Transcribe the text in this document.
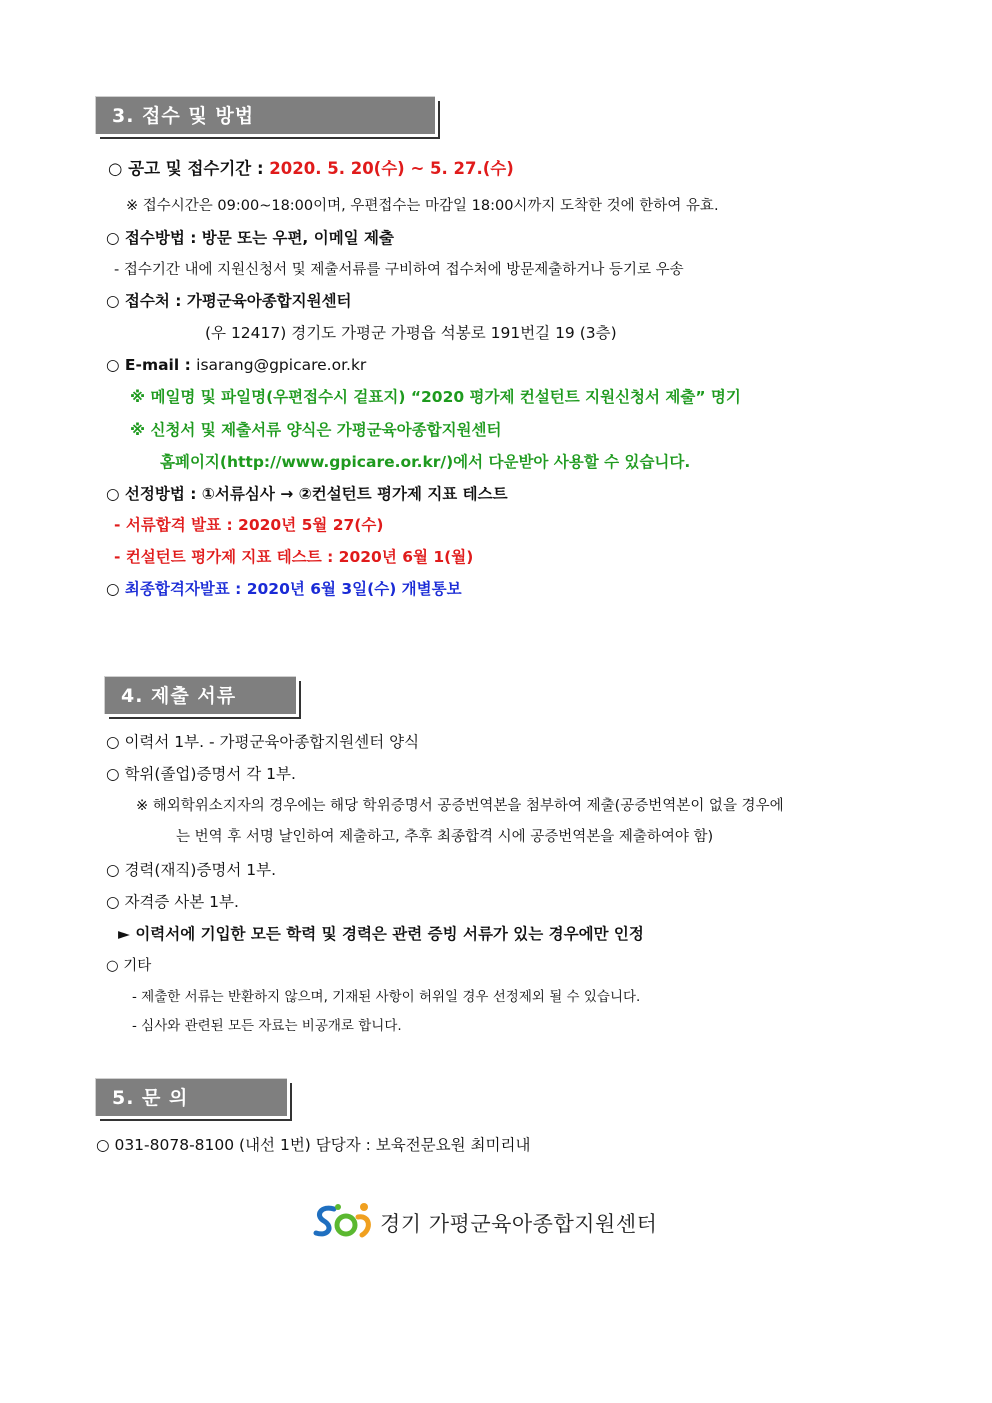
3. 접수 및 방법
○ 공고 및 접수기간 : 2020. 5. 20(수) ~ 5. 27.(수)
※ 접수시간은 09:00~18:00이며, 우편접수는 마감일 18:00시까지 도착한 것에 한하여 유효.
○ 접수방법 : 방문 또는 우편, 이메일 제출
- 접수기간 내에 지원신청서 및 제출서류를 구비하여 접수처에 방문제출하거나 등기로 우송
○ 접수처 : 가평군육아종합지원센터
(우 12417) 경기도 가평군 가평읍 석봉로 191번길 19 (3층)
○ E-mail : isarang@gpicare.or.kr
※ 메일명 및 파일명(우편접수시 겉표지) “2020 평가제 컨설턴트 지원신청서 제출” 명기
※ 신청서 및 제출서류 양식은 가평군육아종합지원센터
홈페이지(http://www.gpicare.or.kr/)에서 다운받아 사용할 수 있습니다.
○ 선정방법 : ①서류심사 → ②컨설턴트 평가제 지표 테스트
- 서류합격 발표 : 2020년 5월 27(수)
- 컨설턴트 평가제 지표 테스트 : 2020년 6월 1(월)
○ 최종합격자발표 : 2020년 6월 3일(수) 개별통보
4. 제출 서류
○ 이력서 1부. - 가평군육아종합지원센터 양식
○ 학위(졸업)증명서 각 1부.
※ 해외학위소지자의 경우에는 해당 학위증명서 공증번역본을 첨부하여 제출(공증번역본이 없을 경우에
는 번역 후 서명 날인하여 제출하고, 추후 최종합격 시에 공증번역본을 제출하여야 함)
○ 경력(재직)증명서 1부.
○ 자격증 사본 1부.
► 이력서에 기입한 모든 학력 및 경력은 관련 증빙 서류가 있는 경우에만 인정
○ 기타
- 제출한 서류는 반환하지 않으며, 기재된 사항이 허위일 경우 선정제외 될 수 있습니다.
- 심사와 관련된 모든 자료는 비공개로 합니다.
5. 문 의
○ 031-8078-8100 (내선 1번) 담당자 : 보육전문요원 최미리내
경기 가평군육아종합지원센터
